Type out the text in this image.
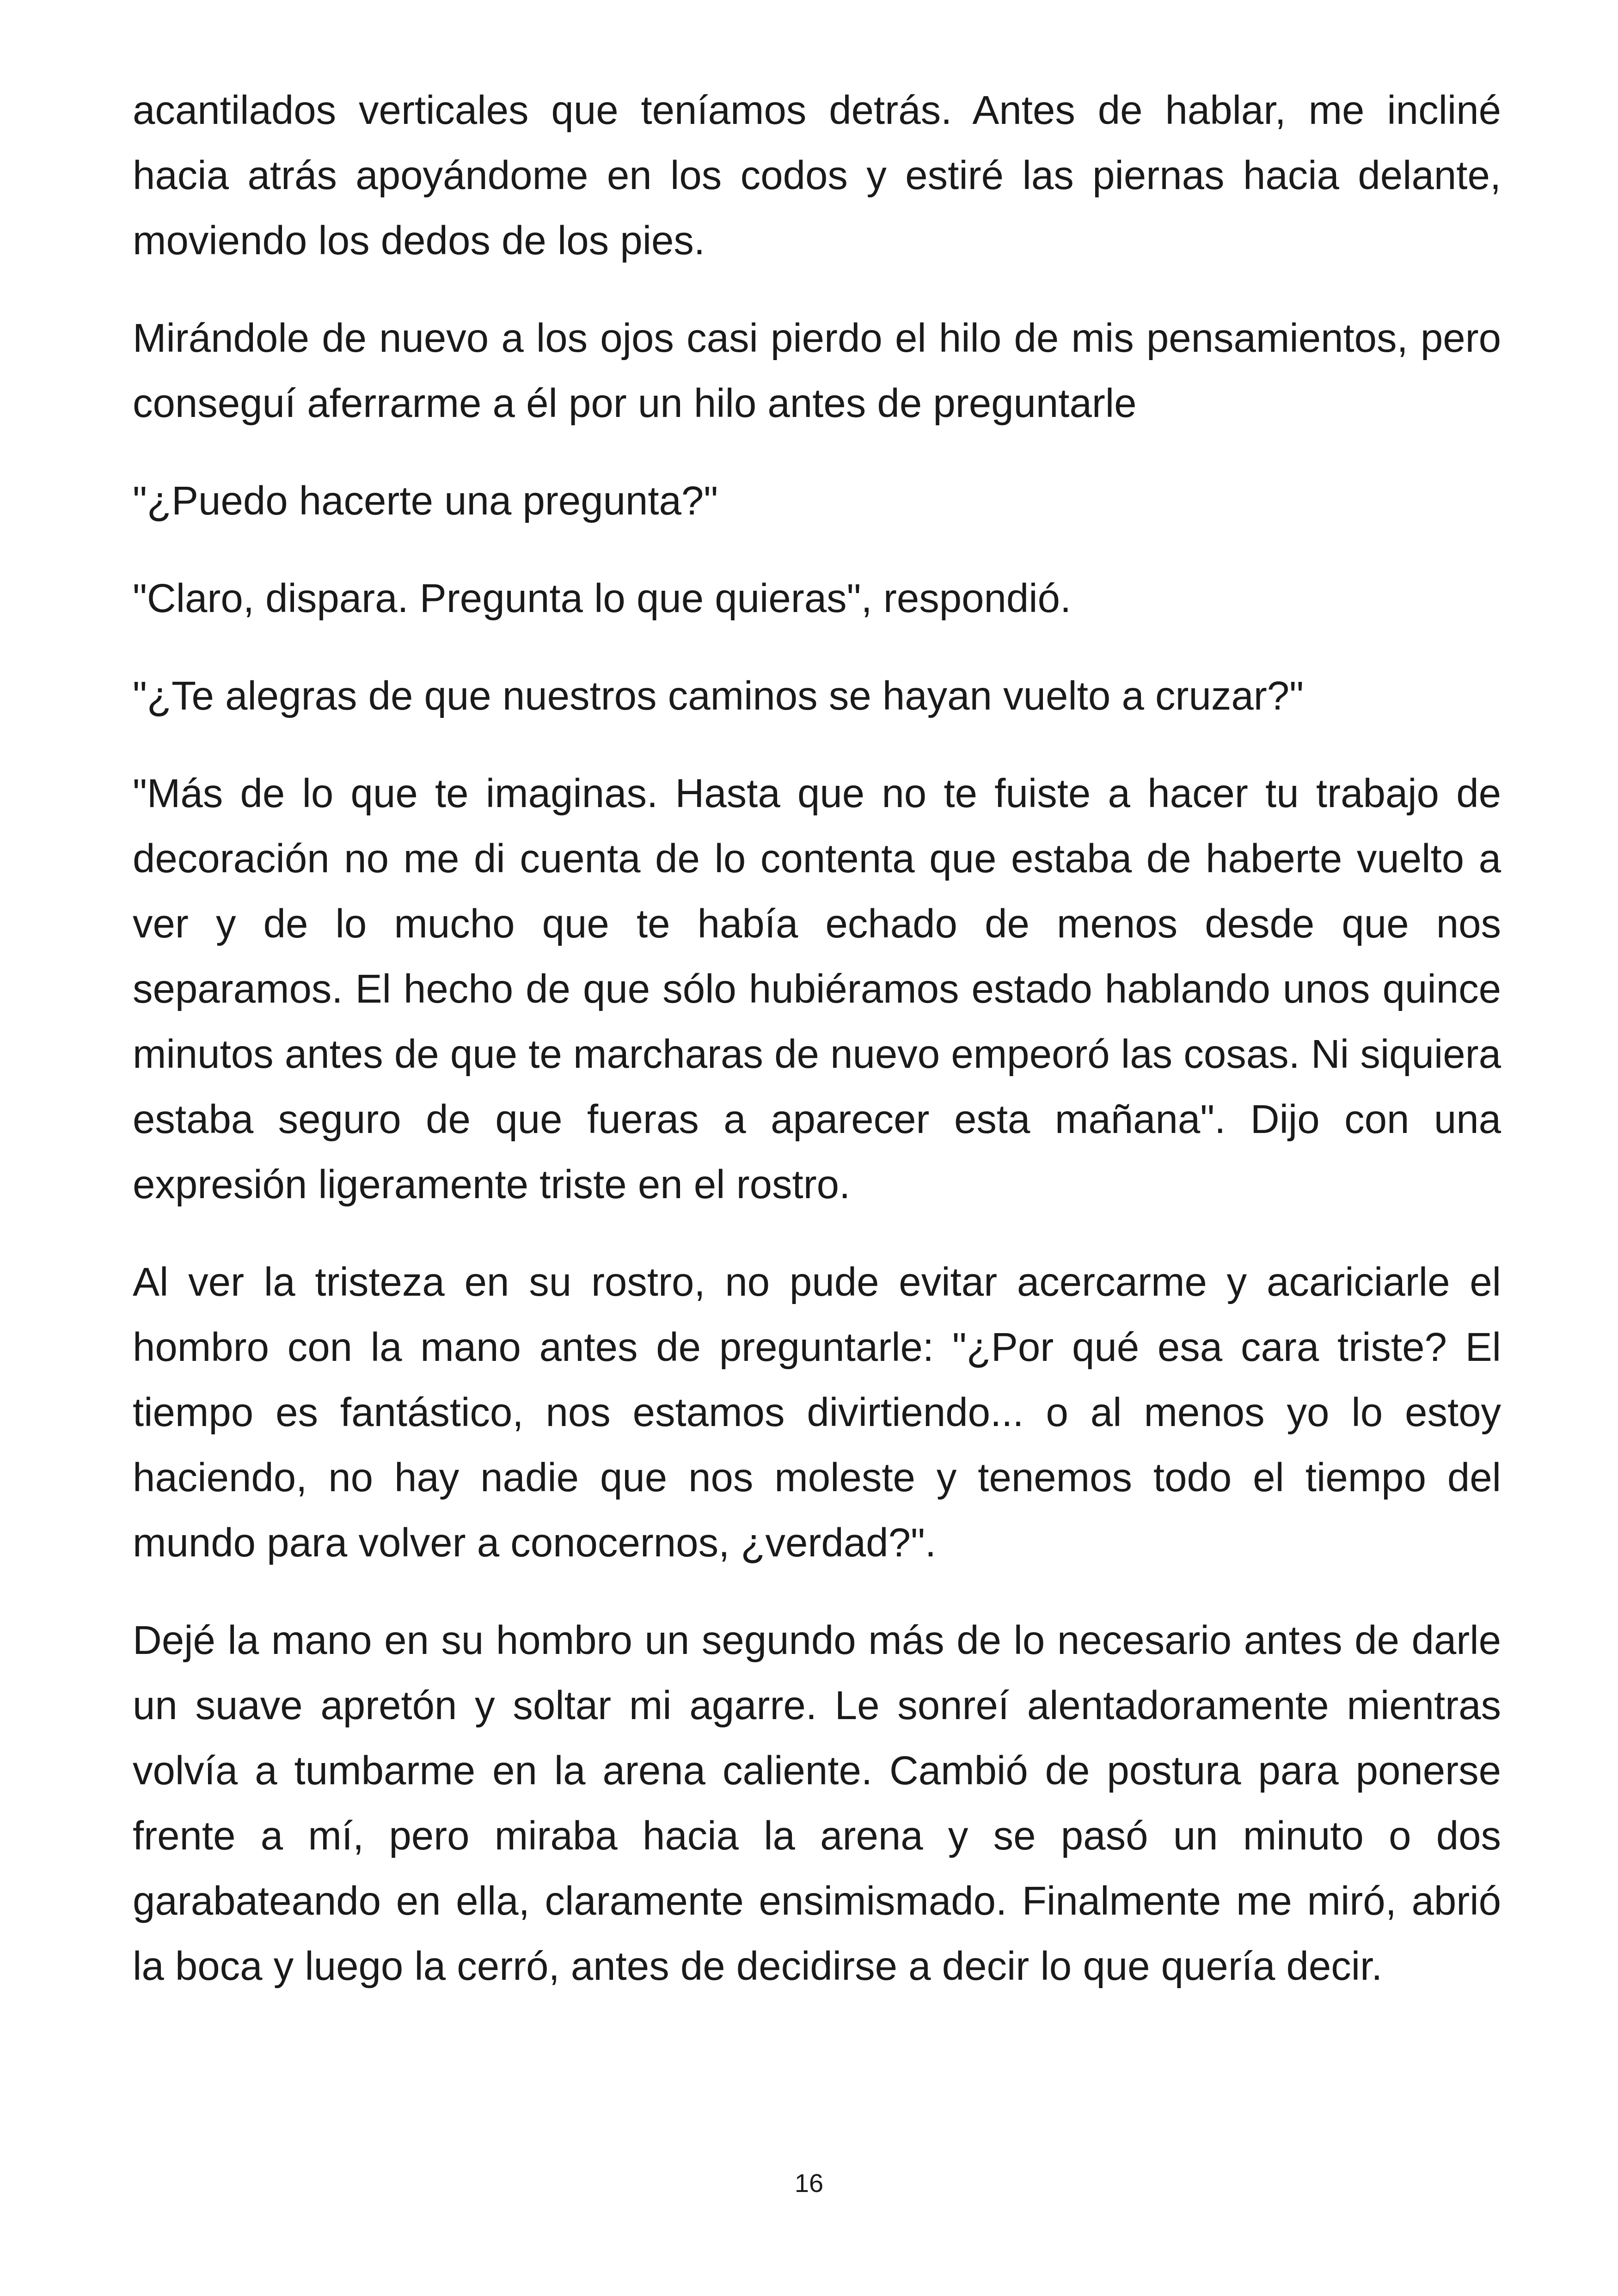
acantilados verticales que teníamos detrás. Antes de hablar, me incliné hacia atrás apoyándome en los codos y estiré las piernas hacia delante, moviendo los dedos de los pies.

Mirándole de nuevo a los ojos casi pierdo el hilo de mis pensamientos, pero conseguí aferrarme a él por un hilo antes de preguntarle

"¿Puedo hacerte una pregunta?"

"Claro, dispara. Pregunta lo que quieras", respondió.

"¿Te alegras de que nuestros caminos se hayan vuelto a cruzar?"

"Más de lo que te imaginas. Hasta que no te fuiste a hacer tu trabajo de decoración no me di cuenta de lo contenta que estaba de haberte vuelto a ver y de lo mucho que te había echado de menos desde que nos separamos. El hecho de que sólo hubiéramos estado hablando unos quince minutos antes de que te marcharas de nuevo empeoró las cosas. Ni siquiera estaba seguro de que fueras a aparecer esta mañana". Dijo con una expresión ligeramente triste en el rostro.

Al ver la tristeza en su rostro, no pude evitar acercarme y acariciarle el hombro con la mano antes de preguntarle: "¿Por qué esa cara triste? El tiempo es fantástico, nos estamos divirtiendo... o al menos yo lo estoy haciendo, no hay nadie que nos moleste y tenemos todo el tiempo del mundo para volver a conocernos, ¿verdad?".

Dejé la mano en su hombro un segundo más de lo necesario antes de darle un suave apretón y soltar mi agarre. Le sonreí alentadoramente mientras volvía a tumbarme en la arena caliente. Cambió de postura para ponerse frente a mí, pero miraba hacia la arena y se pasó un minuto o dos garabateando en ella, claramente ensimismado. Finalmente me miró, abrió la boca y luego la cerró, antes de decidirse a decir lo que quería decir.

16
